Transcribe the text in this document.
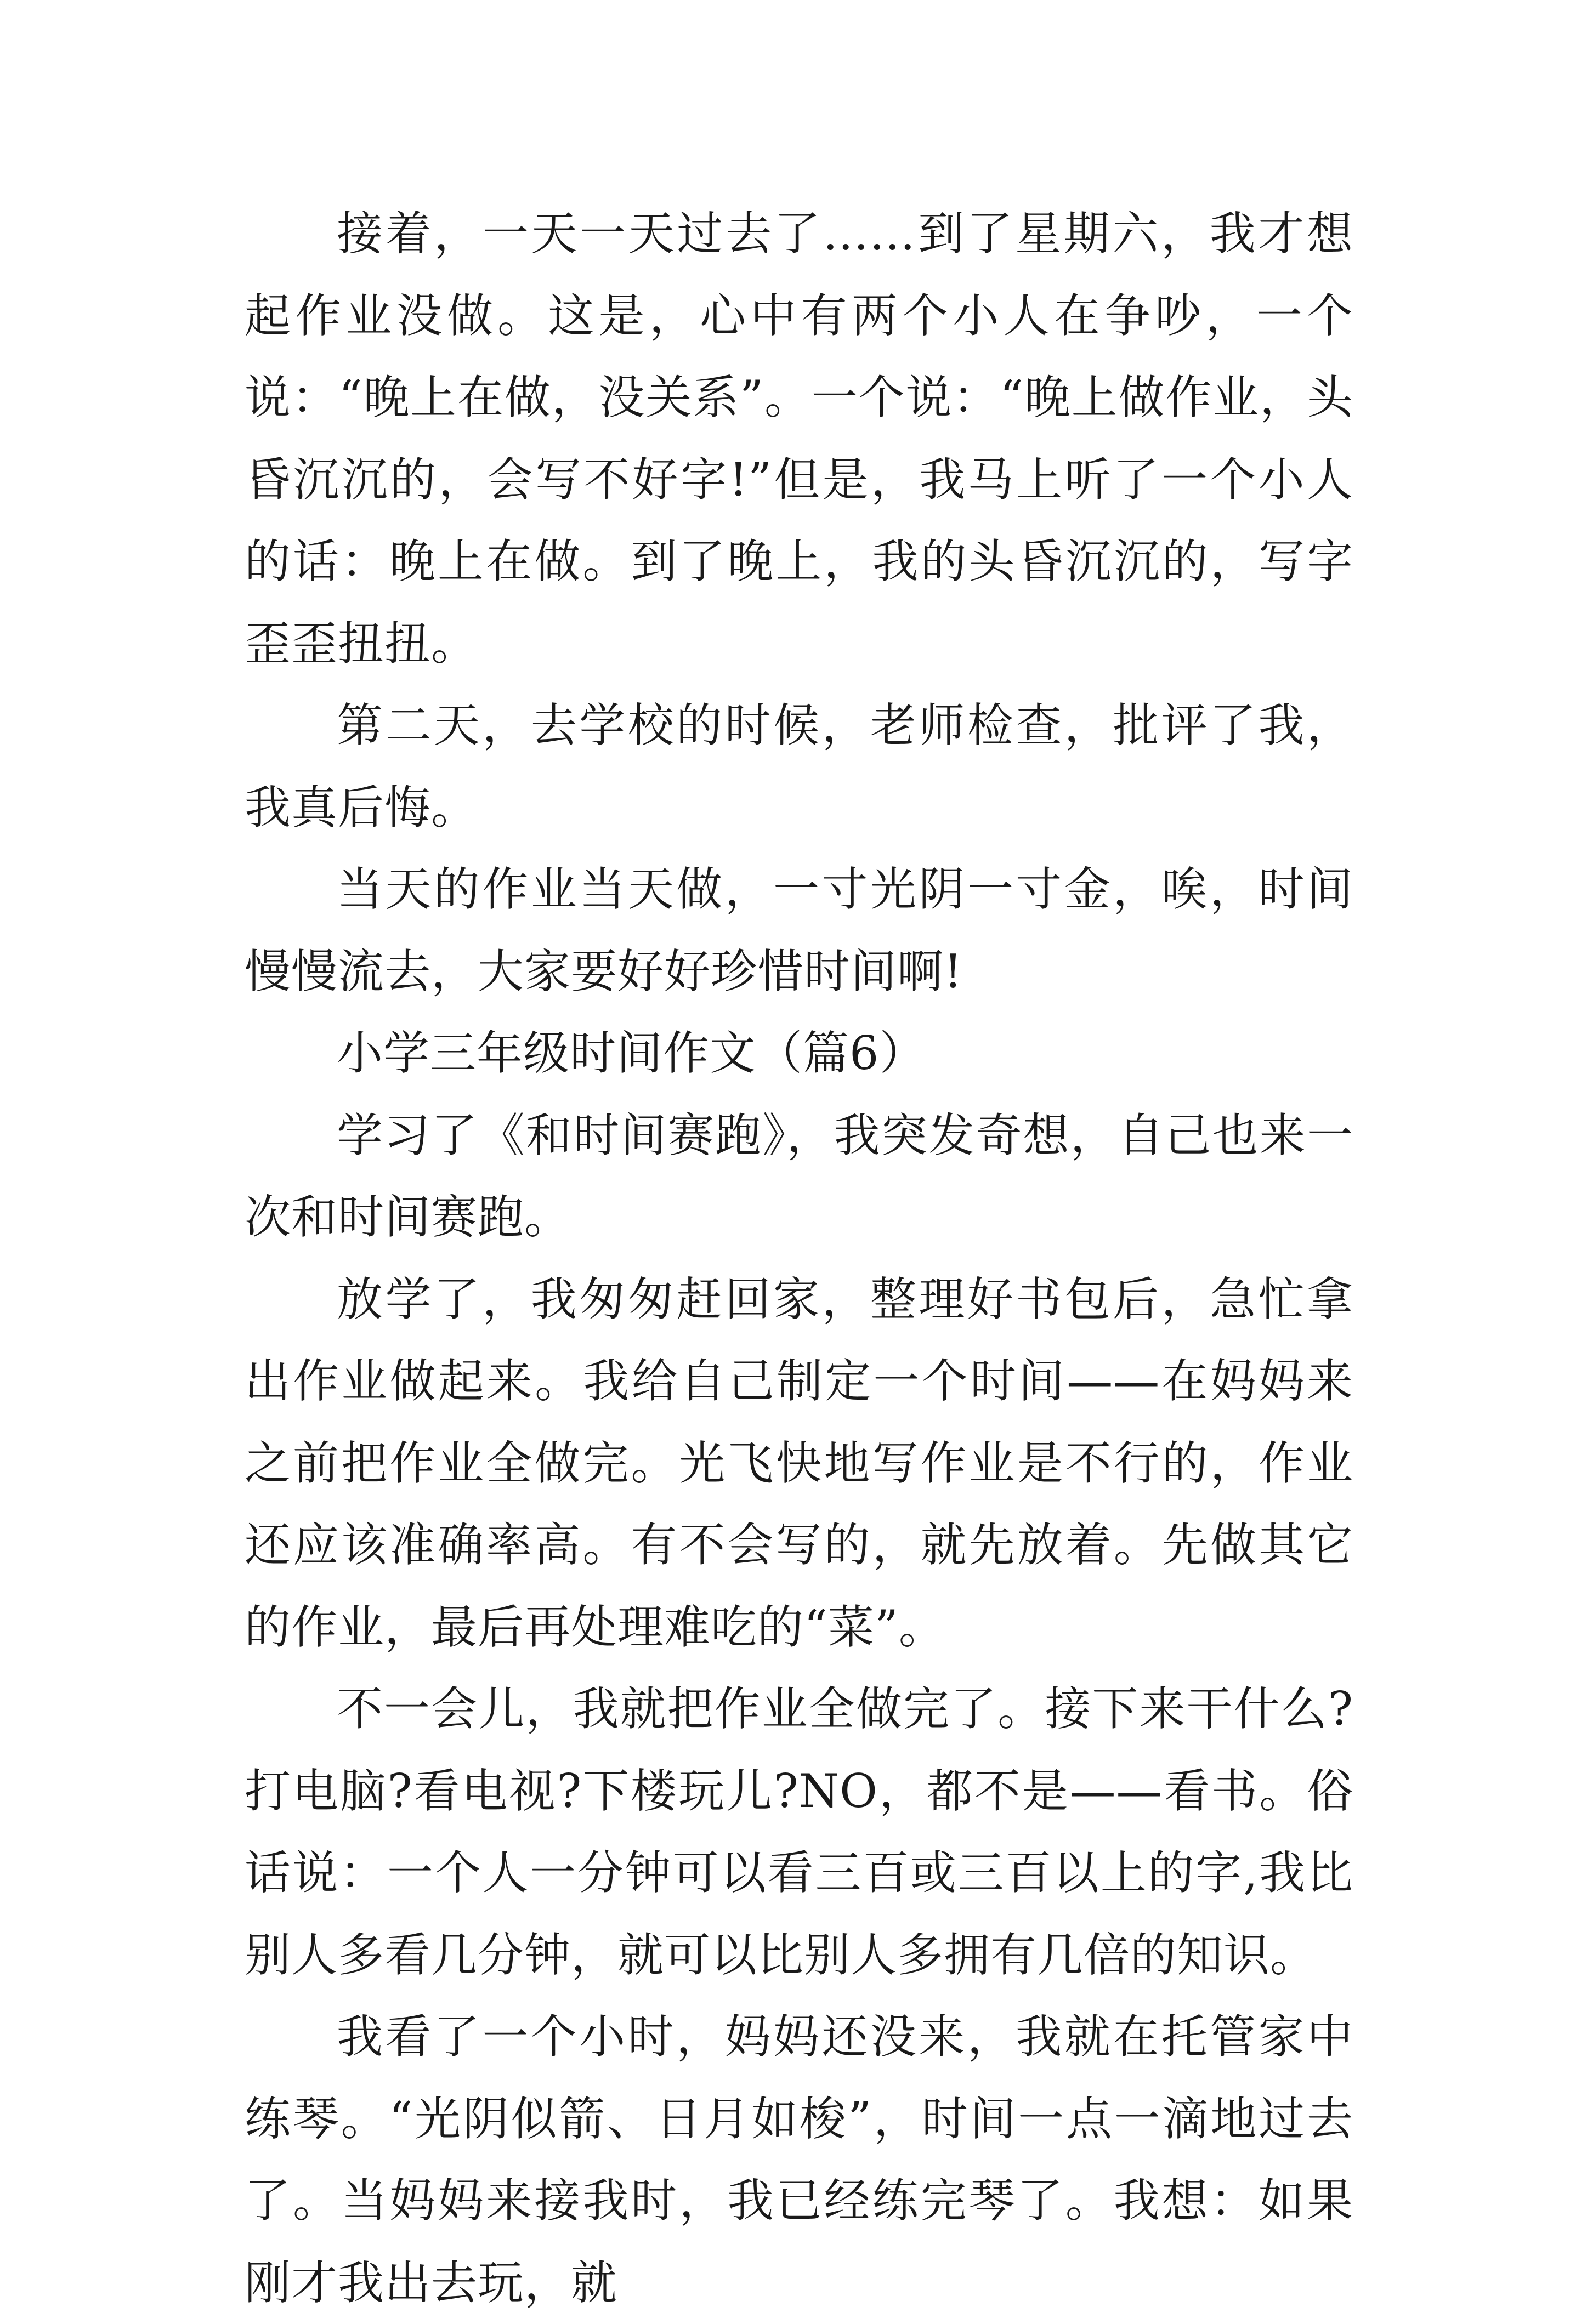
接着，一天一天过去了……到了星期六，我才想起作业没做。这是，心中有两个小人在争吵，一个说：“晚上在做，没关系”。一个说：“晚上做作业，头昏沉沉的，会写不好字!”但是，我马上听了一个小人的话：晚上在做。到了晚上，我的头昏沉沉的，写字歪歪扭扭。

第二天，去学校的时候，老师检查，批评了我，我真后悔。

当天的作业当天做，一寸光阴一寸金，唉，时间慢慢流去，大家要好好珍惜时间啊!

小学三年级时间作文（篇6）

学习了《和时间赛跑》，我突发奇想，自己也来一次和时间赛跑。

放学了，我匆匆赶回家，整理好书包后，急忙拿出作业做起来。我给自己制定一个时间——在妈妈来之前把作业全做完。光飞快地写作业是不行的，作业还应该准确率高。有不会写的，就先放着。先做其它的作业，最后再处理难吃的“菜”。

不一会儿，我就把作业全做完了。接下来干什么?打电脑?看电视?下楼玩儿?NO，都不是——看书。俗话说：一个人一分钟可以看三百或三百以上的字,我比别人多看几分钟，就可以比别人多拥有几倍的知识。

我看了一个小时，妈妈还没来，我就在托管家中练琴。“光阴似箭、日月如梭”，时间一点一滴地过去了。当妈妈来接我时，我已经练完琴了。我想：如果刚才我出去玩，就
